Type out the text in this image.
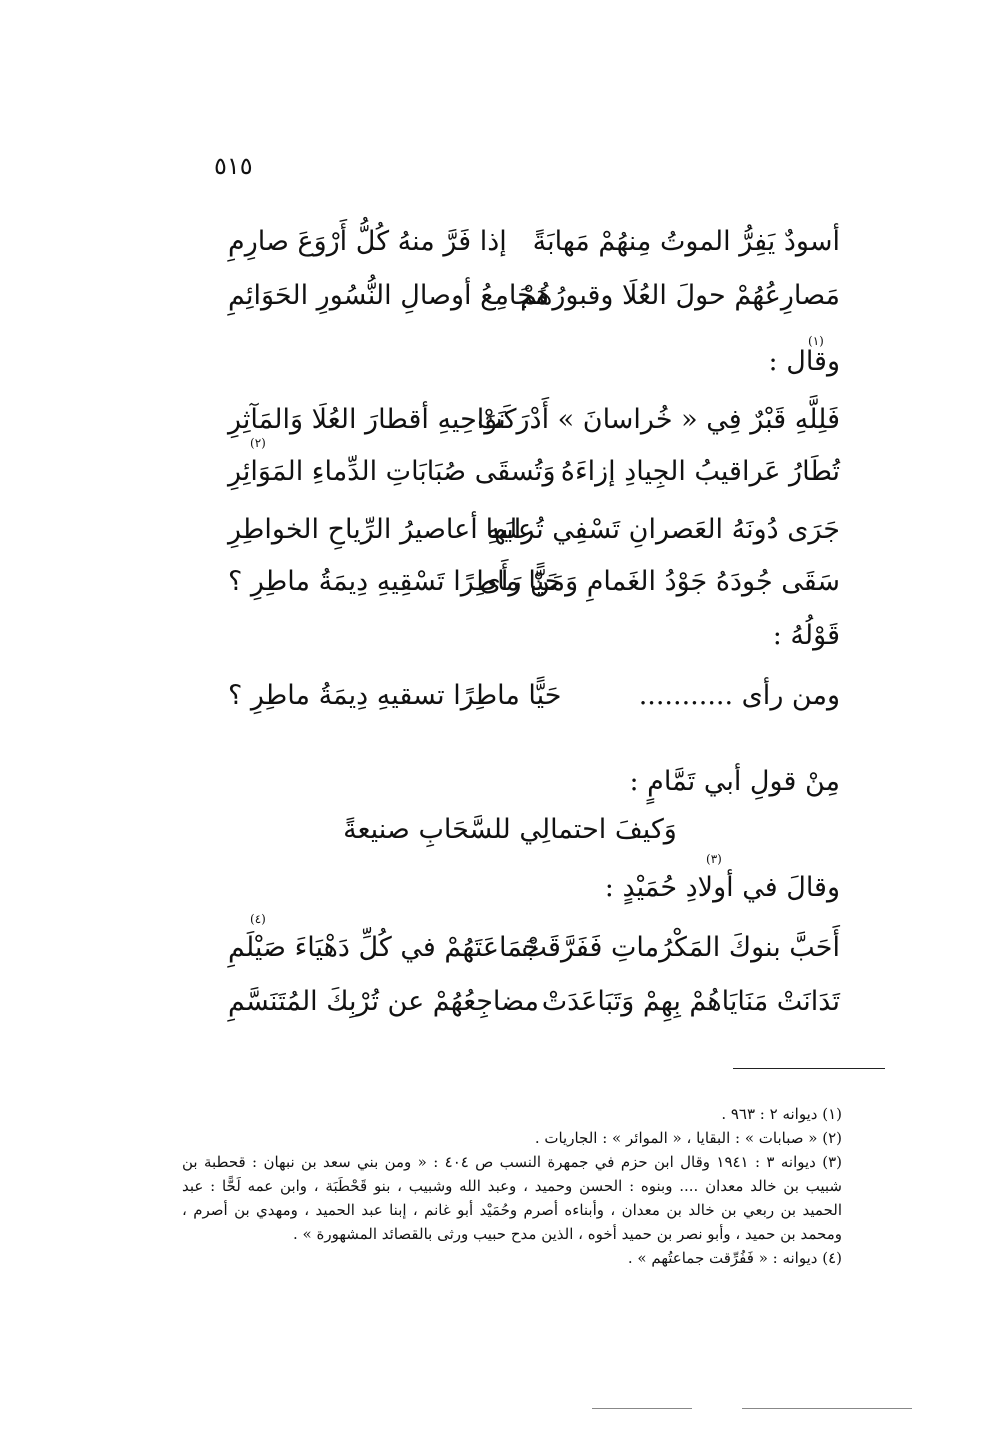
٥١٥
أسودٌ يَفِرُّ الموتُ مِنهُمْ مَهابَةً
إذا فَرَّ منهُ كُلُّ أَرْوَعَ صارِمِ
مَصارِعُهُمْ حولَ العُلَا وقبورُهُمْ
مَجَامِعُ أوصالِ النُّسُورِ الحَوَائِمِ
(١)
وقال :
فَلِلَّهِ قَبْرٌ فِي « خُراسانَ » أَدْرَكَتْ
نَوَاحِيهِ أقطارَ العُلَا وَالمَآثِرِ
(٢)
تُطَارُ عَراقيبُ الجِيادِ إزاءَهُ
وَتُسقَى صُبَابَاتِ الدِّماءِ المَوَائِرِ
جَرَى دُونَهُ العَصرانِ تَسْفِي تُرابَها
عليهِ أعاصيرُ الرِّياحِ الخواطِرِ
سَقَى جُودَهُ جَوْدُ الغَمامِ وَمَنْ رَأَى
حَيًّا ماطِرًا تَسْقِيهِ دِيمَةُ ماطِرِ ؟
قَوْلُهُ :
ومن رأى ...........
حَيًّا ماطِرًا تسقيهِ دِيمَةُ ماطِرِ ؟
مِنْ قولِ أبي تَمَّامٍ :
وَكيفَ احتمالِي للسَّحَابِ صنيعةً
(٣)
وقالَ في أولادِ حُمَيْدٍ :
(٤)
أَحَبَّ بنوكَ المَكْرُماتِ فَفَرَّقَتْ
جَمَاعَتَهُمْ في كُلِّ دَهْيَاءَ صَيْلَمِ
تَدَانَتْ مَنَايَاهُمْ بِهِمْ وَتَبَاعَدَتْ
مضاجِعُهُمْ عن تُرْبِكَ المُتَنَسَّمِ
(١) ديوانه ٢ : ٩٦٣ .
(٢) « صبابات » : البقايا ، « الموائر » : الجاريات .
(٣) ديوانه ٣ : ١٩٤١ وقال ابن حزم في جمهرة النسب ص ٤٠٤ : « ومن بني سعد بن نبهان : قحطبة بن شبيب بن خالد معدان .... وبنوه : الحسن وحميد ، وعبد الله وشبيب ، بنو قَحْطَبَة ، وابن عمه لَحًّا : عبد الحميد بن ربعي بن خالد بن معدان ، وأبناءه أصرم وحُمَيْد أبو غانم ، إبنا عبد الحميد ، ومهدي بن أصرم ، ومحمد بن حميد ، وأبو نصر بن حميد أخوه ، الذين مدح حبيب ورثى بالقصائد المشهورة » .
(٤) ديوانه : « فَفُرِّقت جماعتُهم » .
